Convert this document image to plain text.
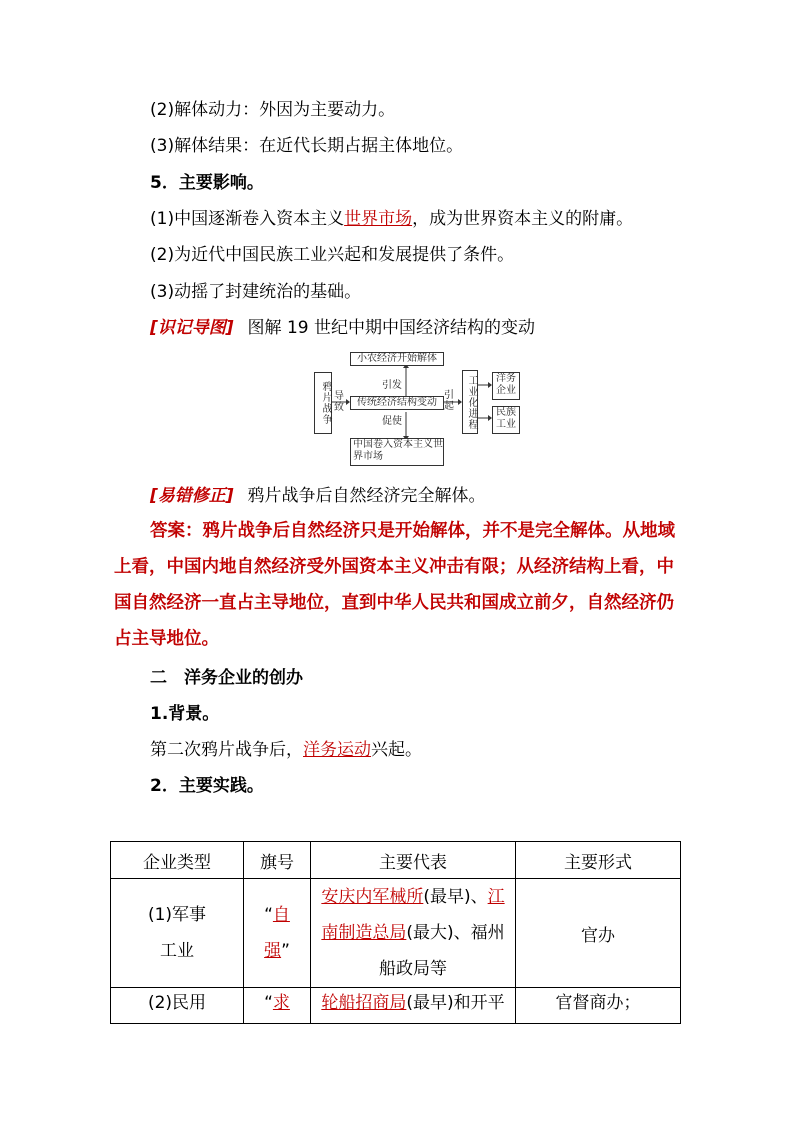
(2)解体动力：外因为主要动力。
(3)解体结果：在近代长期占据主体地位。
5．主要影响。
(1)中国逐渐卷入资本主义世界市场，成为世界资本主义的附庸。
(2)为近代中国民族工业兴起和发展提供了条件。
(3)动摇了封建统治的基础。
[识记导图] 图解 19 世纪中期中国经济结构的变动
鸦片战争 导致
小农经济开始解体
引发
传统经济结构变动
促使
中国卷入资本主义世界市场
引起	工业化进程	洋务企业
民族工业
[易错修正] 鸦片战争后自然经济完全解体。
答案：鸦片战争后自然经济只是开始解体，并不是完全解体。从地域上看，中国内地自然经济受外国资本主义冲击有限；从经济结构上看，中国自然经济一直占主导地位，直到中华人民共和国成立前夕，自然经济仍占主导地位。
二　洋务企业的创办
1.背景。
第二次鸦片战争后，洋务运动兴起。
2．主要实践。
企业类型	旗号	主要代表	主要形式

(1)军事工业	“自强”	安庆内军械所(最早)、江南制造总局(最大)、福州船政局等	官办
(2)民用	“求	轮船招商局(最早)和开平	官督商办；
